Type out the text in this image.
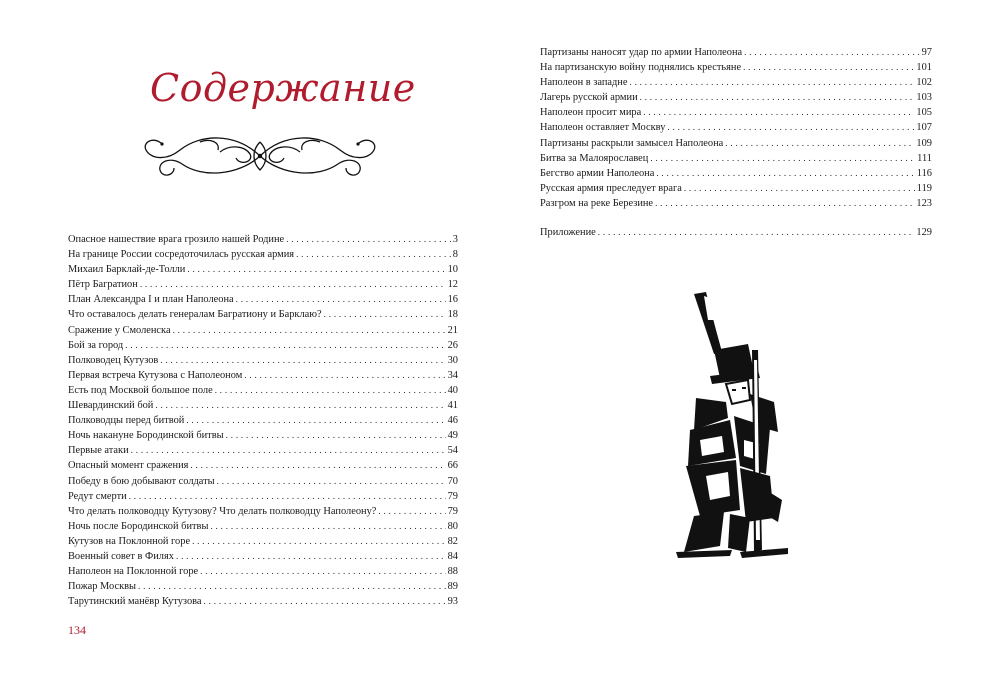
Содержание
Опасное нашествие врага грозило нашей Родине . . .	3
На границе России сосредоточилась русская армия . . .	8
Михаил Барклай-де-Толли . . .	10
Пётр Багратион . . .	12
План Александра I и план Наполеона . . .	16
Что оставалось делать генералам Багратиону и Барклаю? . . .	18
Сражение у Смоленска . . .	21
Бой за город . . .	26
Полководец Кутузов . . .	30
Первая встреча Кутузова с Наполеоном . . .	34
Есть под Москвой большое поле . . .	40
Шевардинский бой . . .	41
Полководцы перед битвой . . .	46
Ночь накануне Бородинской битвы . . .	49
Первые атаки . . .	54
Опасный момент сражения . . .	66
Победу в бою добывают солдаты . . .	70
Редут смерти . . .	79
Что делать полководцу Кутузову? Что делать полководцу Наполеону? . . .	79
Ночь после Бородинской битвы . . .	80
Кутузов на Поклонной горе . . .	82
Военный совет в Филях . . .	84
Наполеон на Поклонной горе . . .	88
Пожар Москвы . . .	89
Тарутинский манёвр Кутузова . . .	93
Партизаны наносят удар по армии Наполеона . . .	97
На партизанскую войну поднялись крестьяне . . .	101
Наполеон в западне . . .	102
Лагерь русской армии . . .	103
Наполеон просит мира . . .	105
Наполеон оставляет Москву . . .	107
Партизаны раскрыли замысел Наполеона . . .	109
Битва за Малоярославец . . .	111
Бегство армии Наполеона . . .	116
Русская армия преследует врага . . .	119
Разгром на реке Березине . . .	123
Приложение . . .	129
134
